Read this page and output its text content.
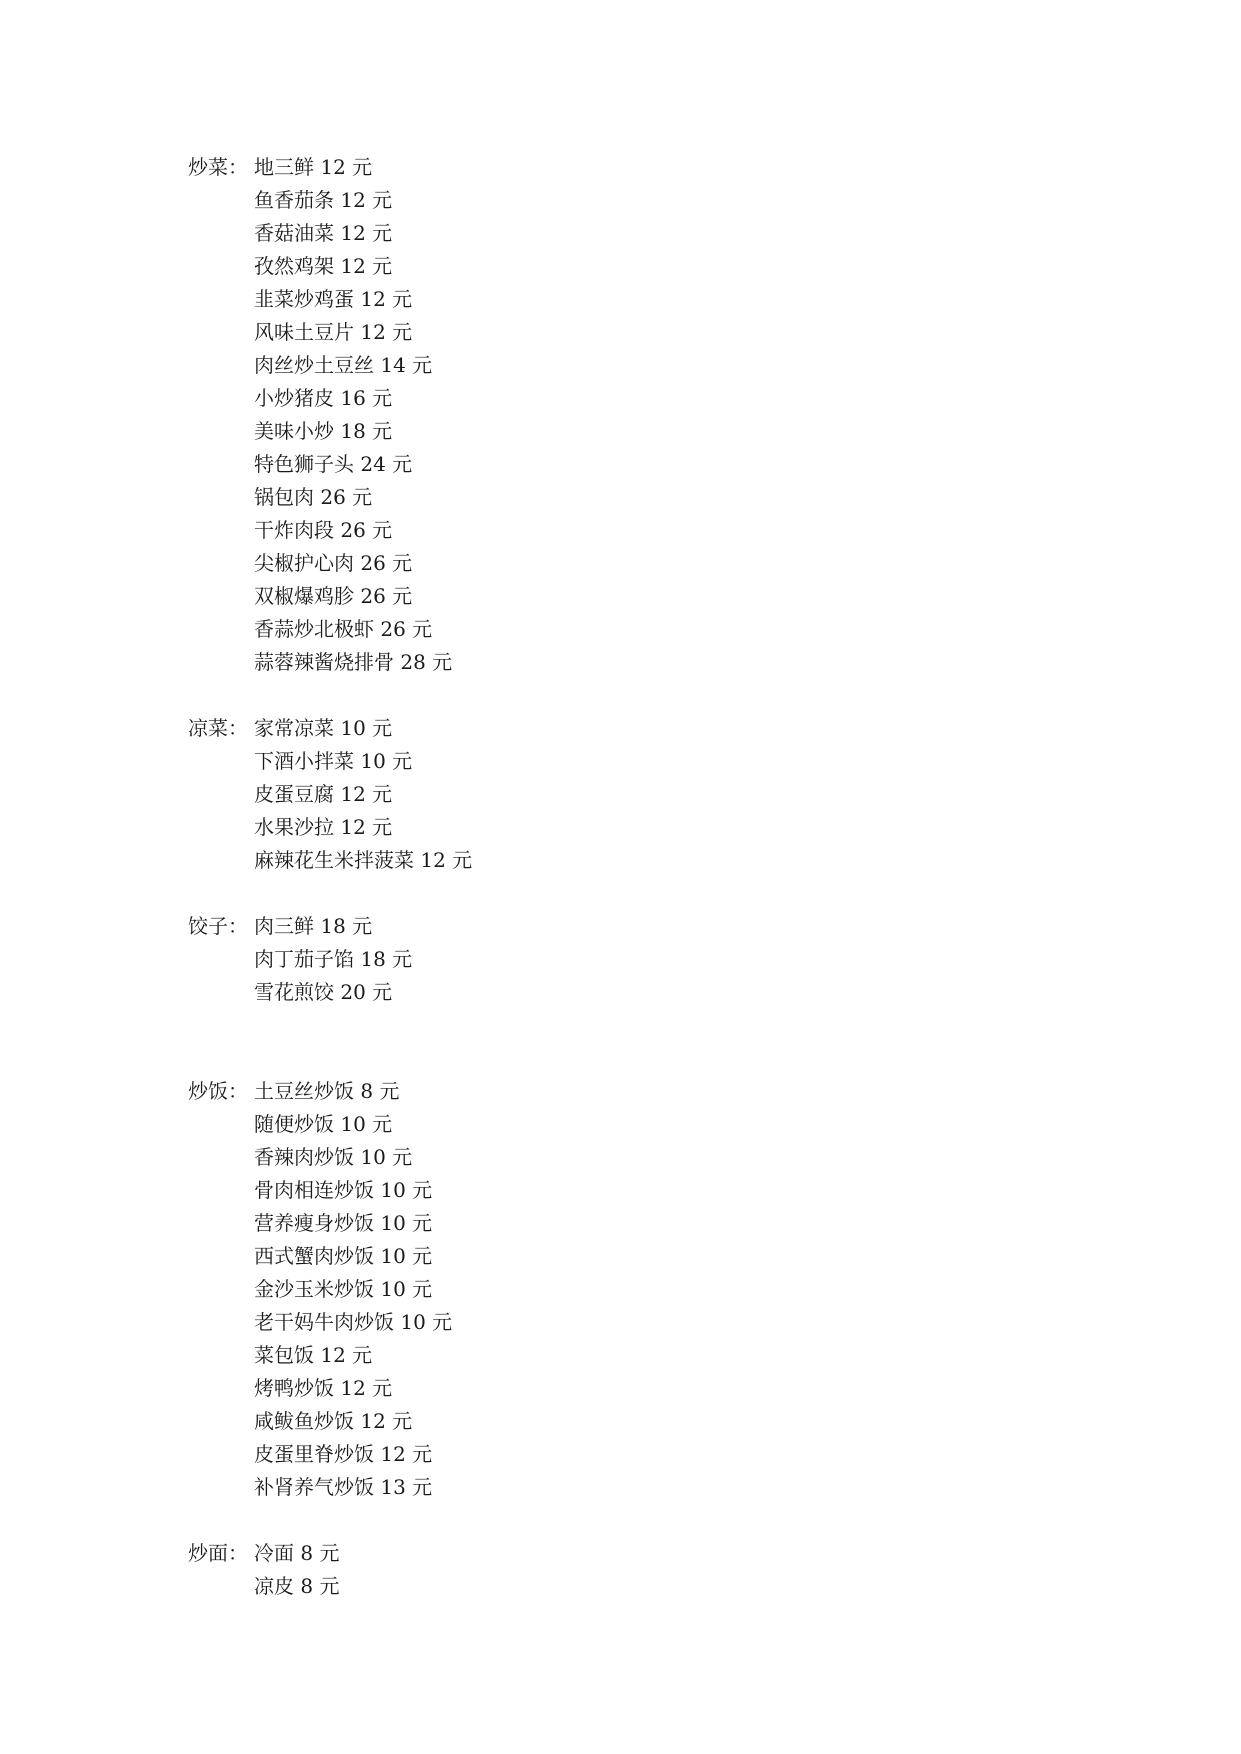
炒菜： 地三鲜 12 元
鱼香茄条 12 元
香菇油菜 12 元
孜然鸡架 12 元
韭菜炒鸡蛋 12 元
风味土豆片 12 元
肉丝炒土豆丝 14 元
小炒猪皮 16 元
美味小炒 18 元
特色狮子头 24 元
锅包肉 26 元
干炸肉段 26 元
尖椒护心肉 26 元
双椒爆鸡胗 26 元
香蒜炒北极虾 26 元
蒜蓉辣酱烧排骨 28 元
凉菜： 家常凉菜 10 元
下酒小拌菜 10 元
皮蛋豆腐 12 元
水果沙拉 12 元
麻辣花生米拌菠菜 12 元
饺子： 肉三鲜 18 元
肉丁茄子馅 18 元
雪花煎饺 20 元
炒饭： 土豆丝炒饭 8 元
随便炒饭 10 元
香辣肉炒饭 10 元
骨肉相连炒饭 10 元
营养瘦身炒饭 10 元
西式蟹肉炒饭 10 元
金沙玉米炒饭 10 元
老干妈牛肉炒饭 10 元
菜包饭 12 元
烤鸭炒饭 12 元
咸鲅鱼炒饭 12 元
皮蛋里脊炒饭 12 元
补肾养气炒饭 13 元
炒面： 冷面 8 元
凉皮 8 元
